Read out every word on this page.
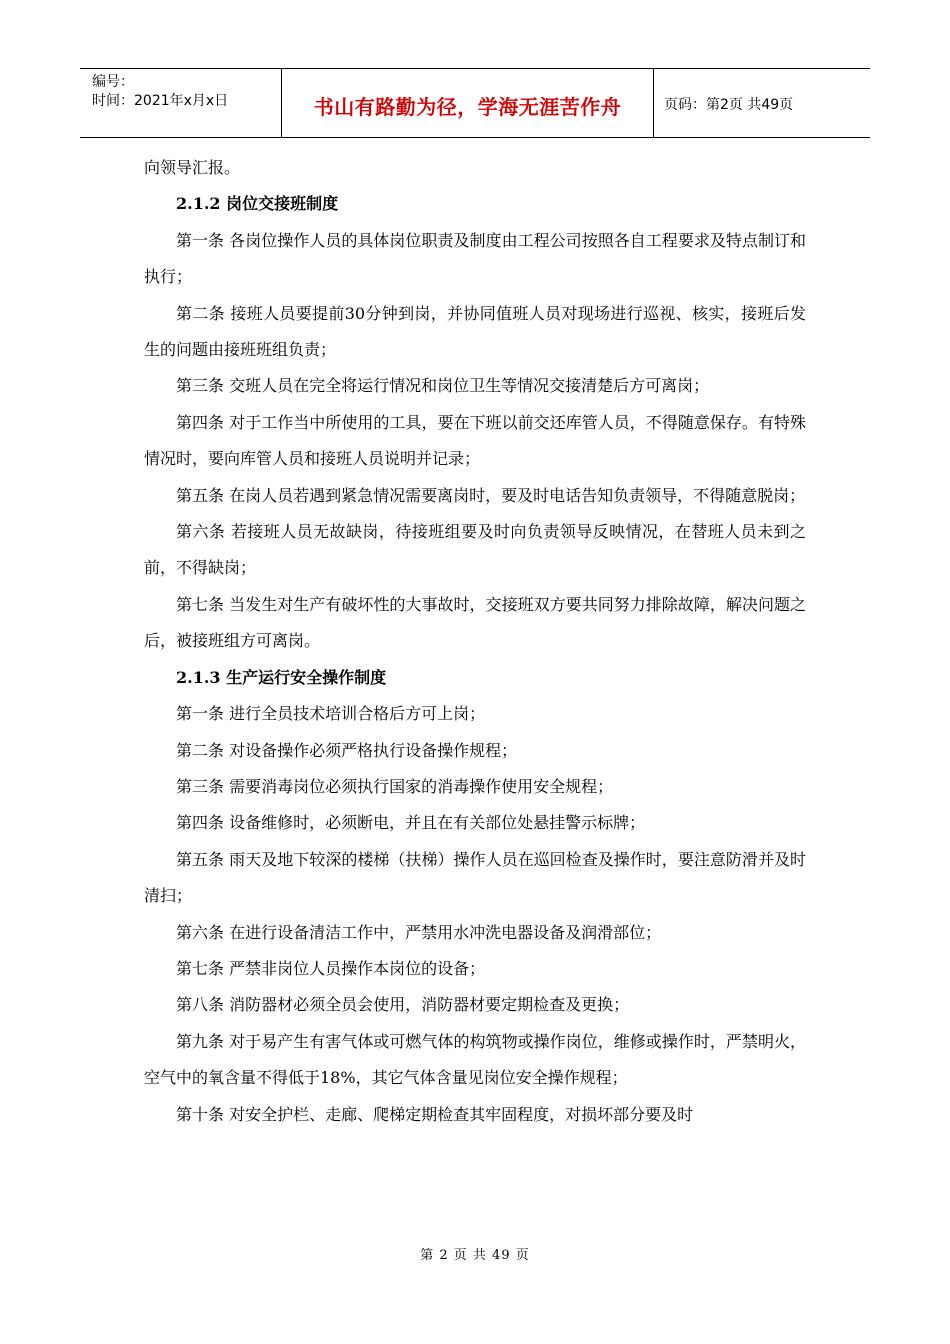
编号：
时间：2021年x月x日	书山有路勤为径，学海无涯苦作舟	页码：第2页 共49页

向领导汇报。

2.1.2 岗位交接班制度

第一条 各岗位操作人员的具体岗位职责及制度由工程公司按照各自工程要求及特点制订和执行；

第二条 接班人员要提前30分钟到岗，并协同值班人员对现场进行巡视、核实，接班后发生的问题由接班班组负责；

第三条 交班人员在完全将运行情况和岗位卫生等情况交接清楚后方可离岗；

第四条 对于工作当中所使用的工具，要在下班以前交还库管人员，不得随意保存。有特殊情况时，要向库管人员和接班人员说明并记录；

第五条 在岗人员若遇到紧急情况需要离岗时，要及时电话告知负责领导，不得随意脱岗；

第六条 若接班人员无故缺岗，待接班组要及时向负责领导反映情况，在替班人员未到之前，不得缺岗；

第七条 当发生对生产有破坏性的大事故时，交接班双方要共同努力排除故障，解决问题之后，被接班组方可离岗。

2.1.3 生产运行安全操作制度

第一条 进行全员技术培训合格后方可上岗；

第二条 对设备操作必须严格执行设备操作规程；

第三条 需要消毒岗位必须执行国家的消毒操作使用安全规程；

第四条 设备维修时，必须断电，并且在有关部位处悬挂警示标牌；

第五条 雨天及地下较深的楼梯（扶梯）操作人员在巡回检查及操作时，要注意防滑并及时清扫；

第六条 在进行设备清洁工作中，严禁用水冲洗电器设备及润滑部位；

第七条 严禁非岗位人员操作本岗位的设备；

第八条 消防器材必须全员会使用，消防器材要定期检查及更换；

第九条 对于易产生有害气体或可燃气体的构筑物或操作岗位，维修或操作时，严禁明火，空气中的氧含量不得低于18%，其它气体含量见岗位安全操作规程；

第十条 对安全护栏、走廊、爬梯定期检查其牢固程度，对损坏部分要及时

第 2 页 共 49 页
